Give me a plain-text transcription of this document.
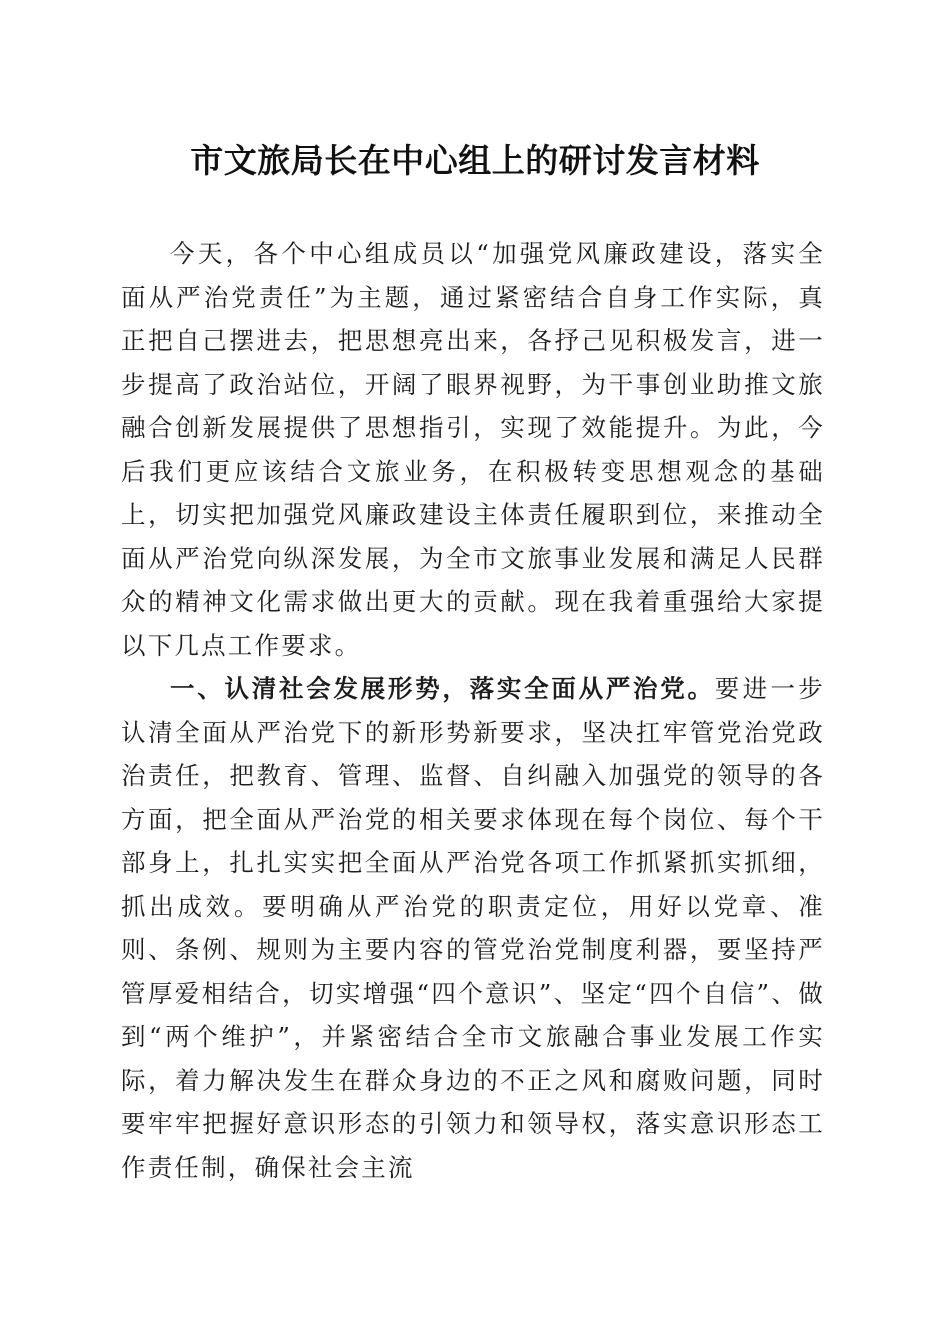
市文旅局长在中心组上的研讨发言材料

今天，各个中心组成员以“加强党风廉政建设，落实全面从严治党责任”为主题，通过紧密结合自身工作实际，真正把自己摆进去，把思想亮出来，各抒己见积极发言，进一步提高了政治站位，开阔了眼界视野，为干事创业助推文旅融合创新发展提供了思想指引，实现了效能提升。为此，今后我们更应该结合文旅业务，在积极转变思想观念的基础上，切实把加强党风廉政建设主体责任履职到位，来推动全面从严治党向纵深发展，为全市文旅事业发展和满足人民群众的精神文化需求做出更大的贡献。现在我着重强给大家提以下几点工作要求。

一、认清社会发展形势，落实全面从严治党。要进一步认清全面从严治党下的新形势新要求，坚决扛牢管党治党政治责任，把教育、管理、监督、自纠融入加强党的领导的各方面，把全面从严治党的相关要求体现在每个岗位、每个干部身上，扎扎实实把全面从严治党各项工作抓紧抓实抓细，抓出成效。要明确从严治党的职责定位，用好以党章、准则、条例、规则为主要内容的管党治党制度利器，要坚持严管厚爱相结合，切实增强“四个意识”、坚定“四个自信”、做到“两个维护”，并紧密结合全市文旅融合事业发展工作实际，着力解决发生在群众身边的不正之风和腐败问题，同时要牢牢把握好意识形态的引领力和领导权，落实意识形态工作责任制，确保社会主流
